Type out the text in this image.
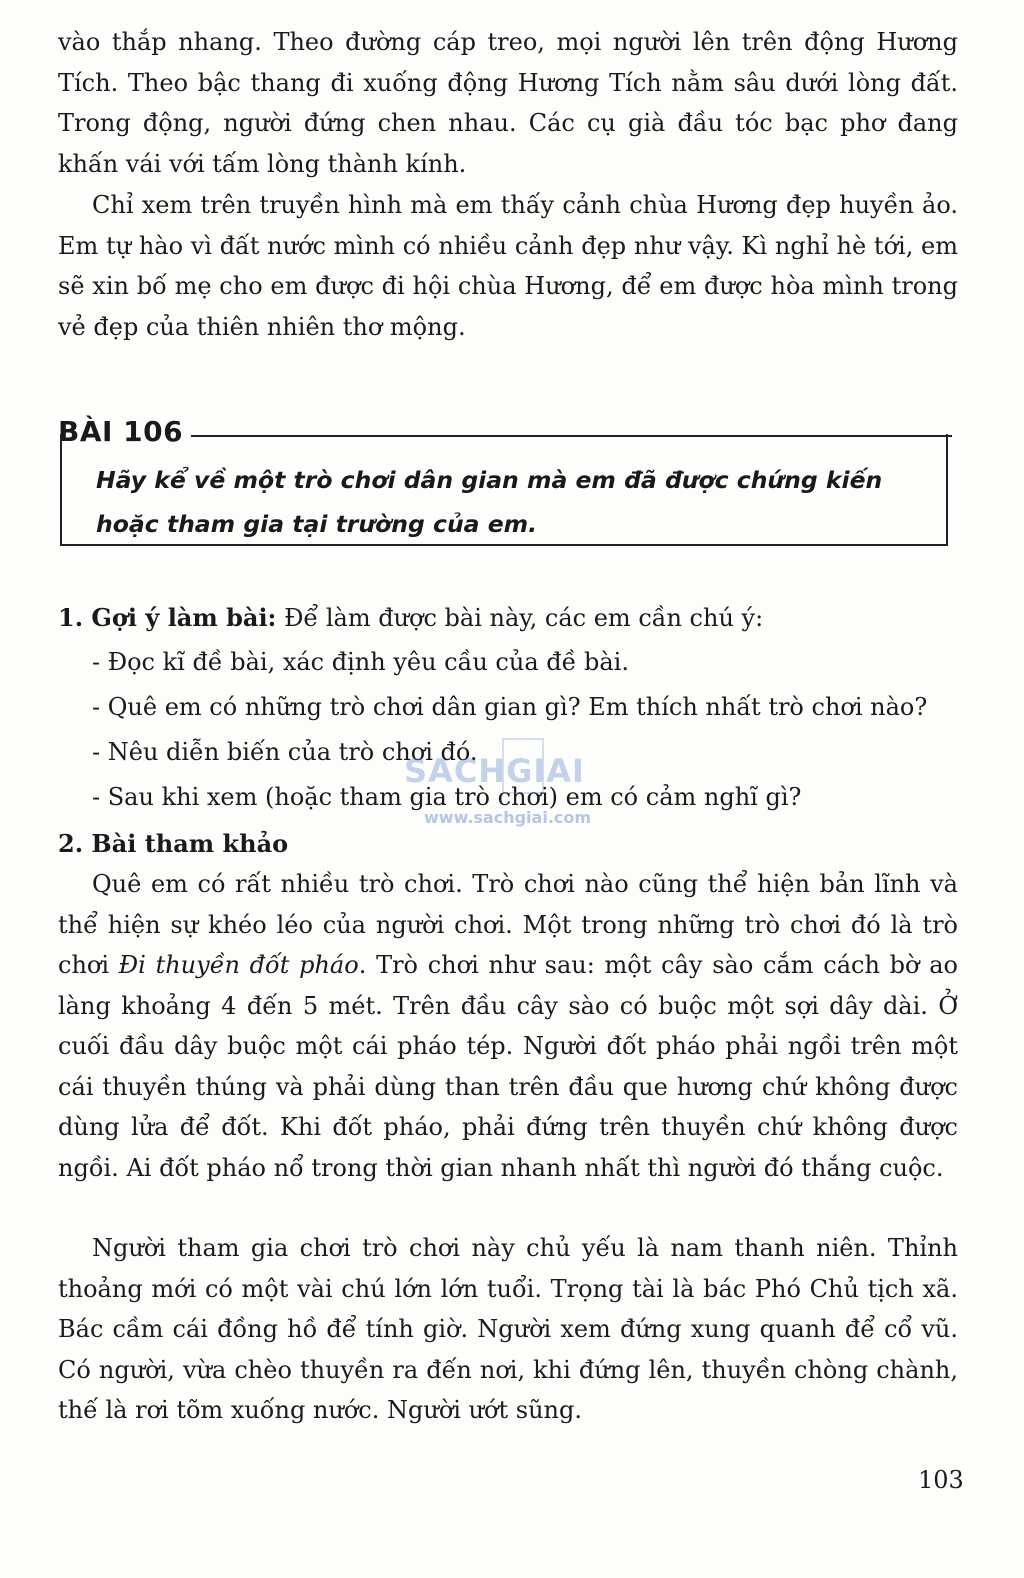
vào thắp nhang. Theo đường cáp treo, mọi người lên trên động Hương Tích. Theo bậc thang đi xuống động Hương Tích nằm sâu dưới lòng đất. Trong động, người đứng chen nhau. Các cụ già đầu tóc bạc phơ đang khấn vái với tấm lòng thành kính.

Chỉ xem trên truyền hình mà em thấy cảnh chùa Hương đẹp huyền ảo. Em tự hào vì đất nước mình có nhiều cảnh đẹp như vậy. Kì nghỉ hè tới, em sẽ xin bố mẹ cho em được đi hội chùa Hương, để em được hòa mình trong vẻ đẹp của thiên nhiên thơ mộng.

BÀI 106

Hãy kể về một trò chơi dân gian mà em đã được chứng kiến hoặc tham gia tại trường của em.

1. Gợi ý làm bài: Để làm được bài này, các em cần chú ý:

- Đọc kĩ đề bài, xác định yêu cầu của đề bài.
- Quê em có những trò chơi dân gian gì? Em thích nhất trò chơi nào?
- Nêu diễn biến của trò chơi đó.
- Sau khi xem (hoặc tham gia trò chơi) em có cảm nghĩ gì?
SACHGIAI
www.sachgiai.com

2. Bài tham khảo

Quê em có rất nhiều trò chơi. Trò chơi nào cũng thể hiện bản lĩnh và thể hiện sự khéo léo của người chơi. Một trong những trò chơi đó là trò chơi Đi thuyền đốt pháo. Trò chơi như sau: một cây sào cắm cách bờ ao làng khoảng 4 đến 5 mét. Trên đầu cây sào có buộc một sợi dây dài. Ở cuối đầu dây buộc một cái pháo tép. Người đốt pháo phải ngồi trên một cái thuyền thúng và phải dùng than trên đầu que hương chứ không được dùng lửa để đốt. Khi đốt pháo, phải đứng trên thuyền chứ không được ngồi. Ai đốt pháo nổ trong thời gian nhanh nhất thì người đó thắng cuộc.

Người tham gia chơi trò chơi này chủ yếu là nam thanh niên. Thỉnh thoảng mới có một vài chú lớn lớn tuổi. Trọng tài là bác Phó Chủ tịch xã. Bác cầm cái đồng hồ để tính giờ. Người xem đứng xung quanh để cổ vũ. Có người, vừa chèo thuyền ra đến nơi, khi đứng lên, thuyền chòng chành, thế là rơi tõm xuống nước. Người ướt sũng.

103
